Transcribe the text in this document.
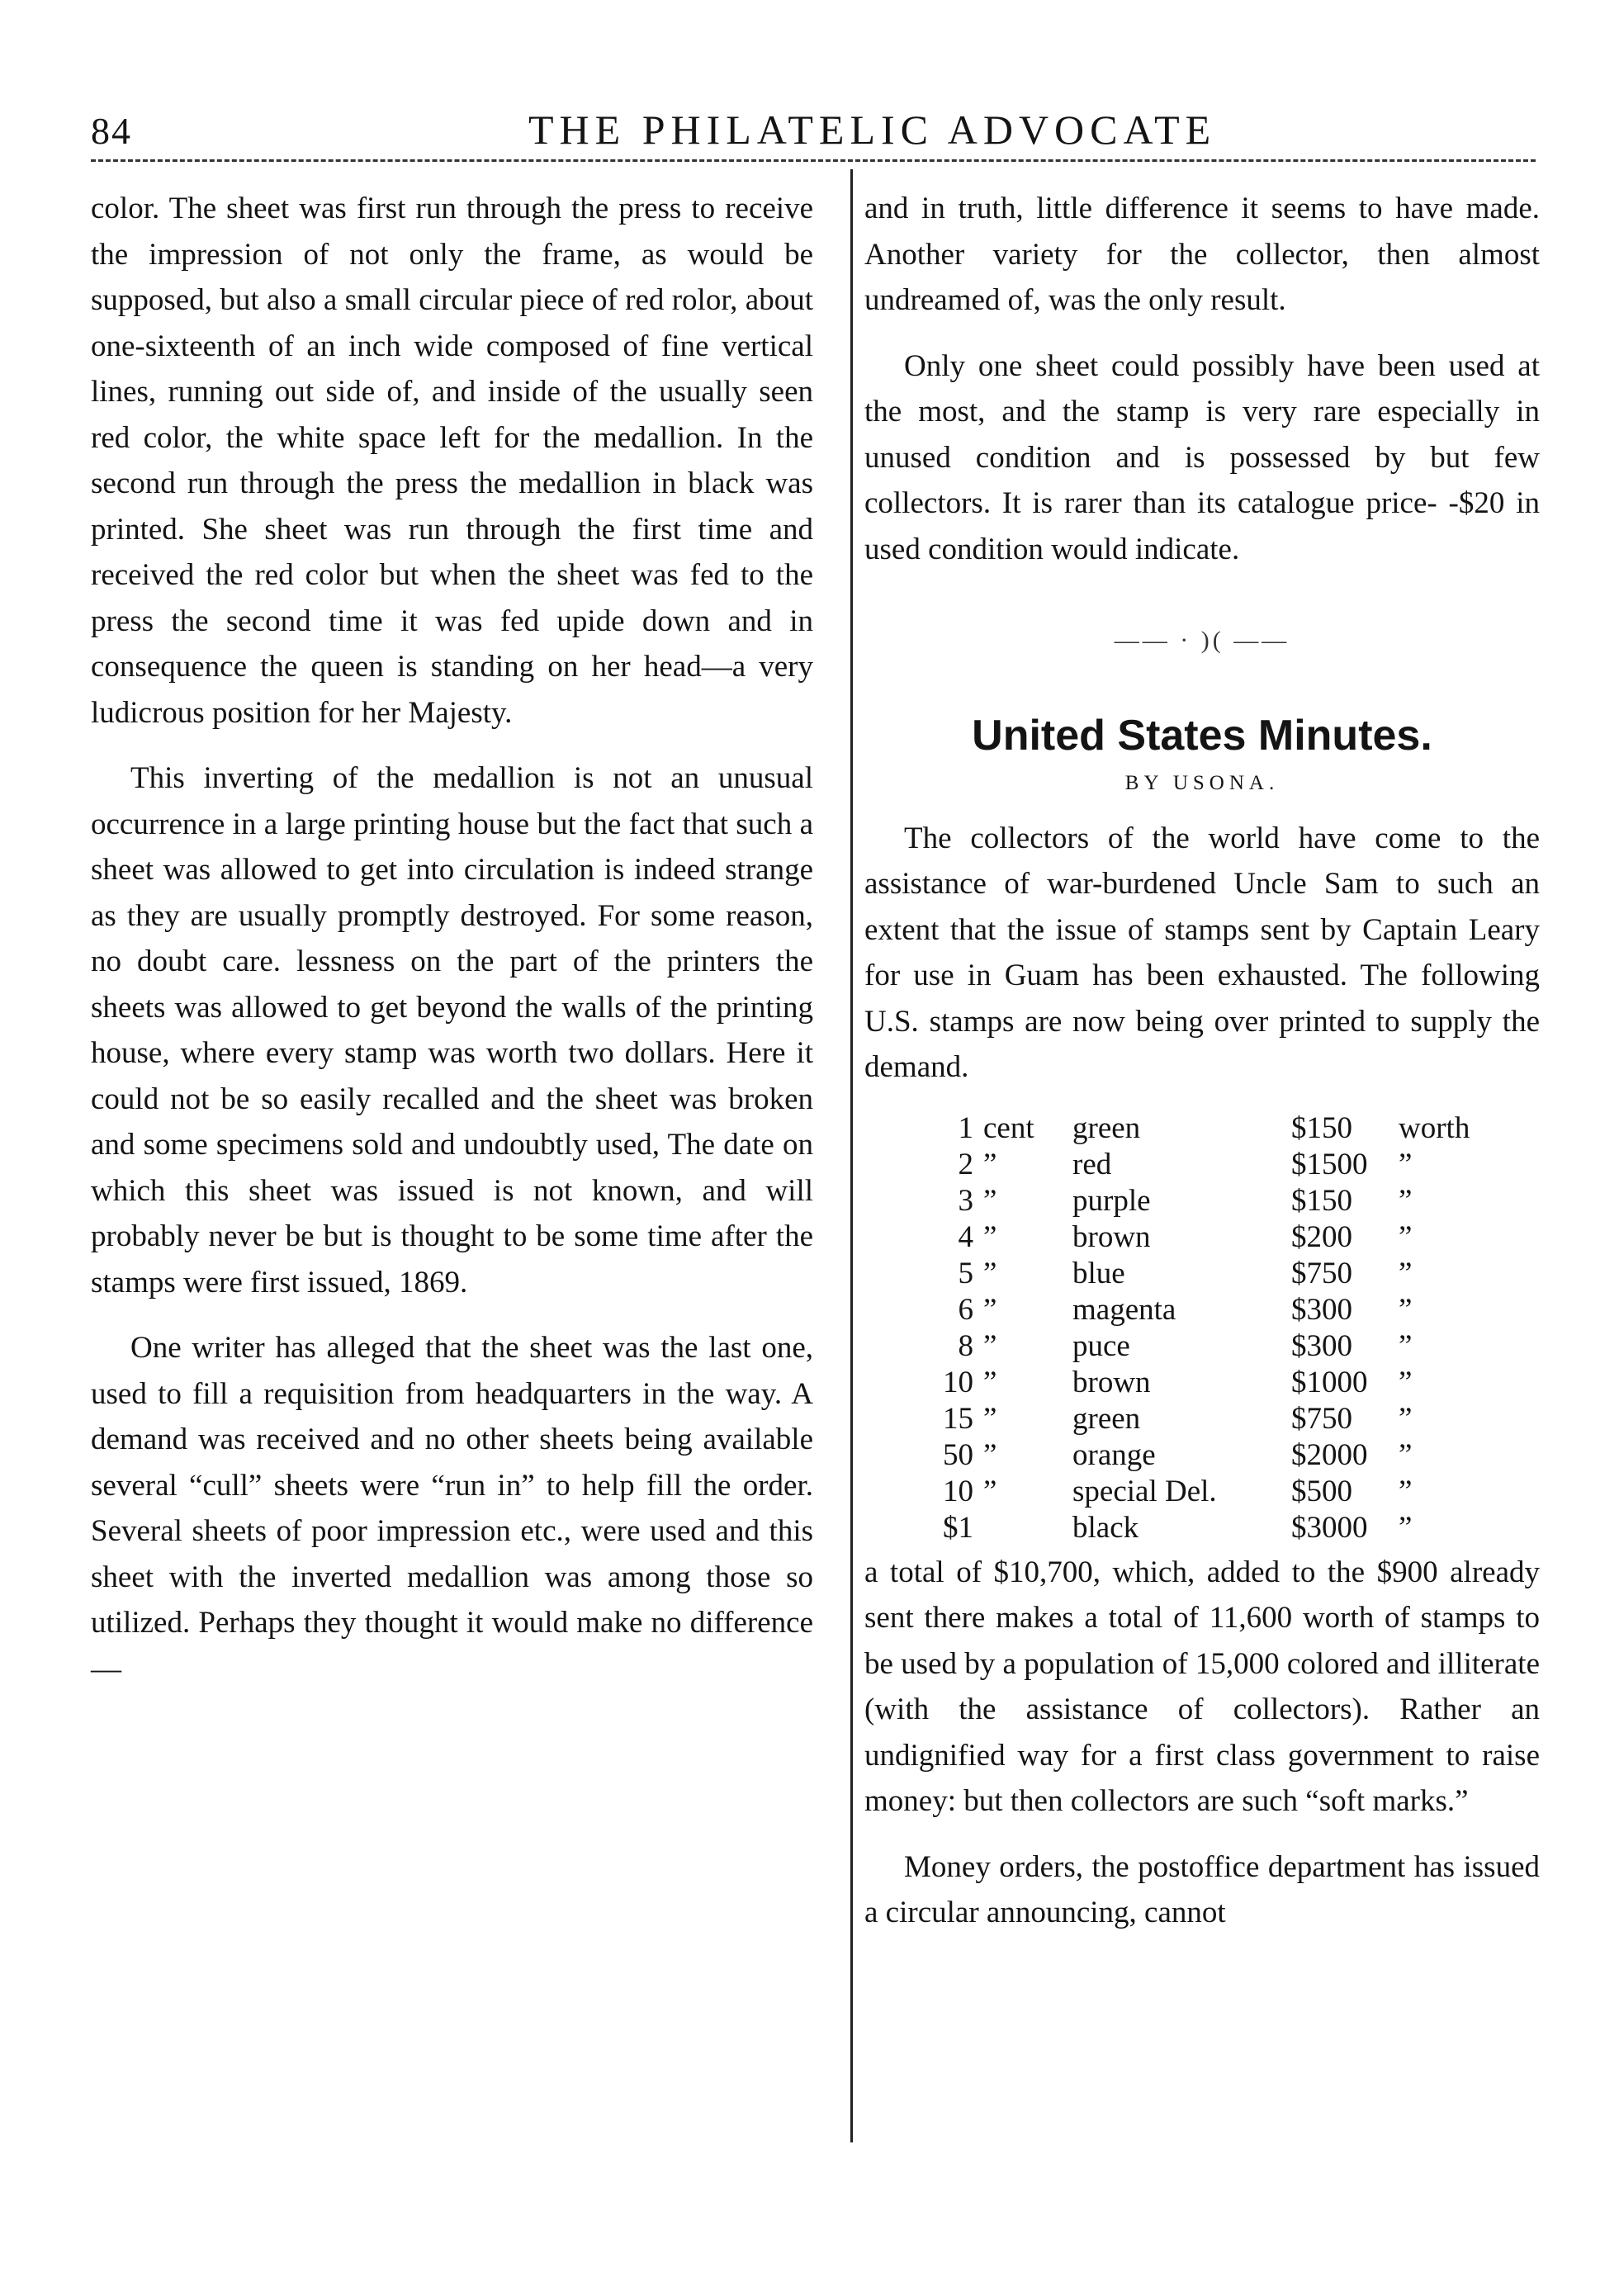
84	THE PHILATELIC ADVOCATE

color. The sheet was first run through the press to receive the impression of not only the frame, as would be supposed, but also a small circular piece of red rolor, about one-sixteenth of an inch wide composed of fine vertical lines, running out side of, and inside of the usually seen red color, the white space left for the medallion. In the second run through the press the medallion in black was printed. She sheet was run through the first time and received the red color but when the sheet was fed to the press the second time it was fed upide down and in consequence the queen is standing on her head—a very ludicrous position for her Majesty.

This inverting of the medallion is not an unusual occurrence in a large printing house but the fact that such a sheet was allowed to get into circulation is indeed strange as they are usually promptly destroyed. For some reason, no doubt care. lessness on the part of the printers the sheets was allowed to get beyond the walls of the printing house, where every stamp was worth two dollars. Here it could not be so easily recalled and the sheet was broken and some specimens sold and undoubtly used, The date on which this sheet was issued is not known, and will probably never be but is thought to be some time after the stamps were first issued, 1869.

One writer has alleged that the sheet was the last one, used to fill a requisition from headquarters in the way. A demand was received and no other sheets being available several “cull” sheets were “run in” to help fill the order. Several sheets of poor impression etc., were used and this sheet with the inverted medallion was among those so utilized. Perhaps they thought it would make no difference—

and in truth, little difference it seems to have made. Another variety for the collector, then almost undreamed of, was the only result.

Only one sheet could possibly have been used at the most, and the stamp is very rare especially in unused condition and is possessed by but few collectors. It is rarer than its catalogue price- -$20 in used condition would indicate.

—— · )( ——
United States Minutes.
BY USONA.

The collectors of the world have come to the assistance of war-burdened Uncle Sam to such an extent that the issue of stamps sent by Captain Leary for use in Guam has been exhausted. The following U.S. stamps are now being over printed to supply the demand.

1	cent	green	$150	worth
2	”	red	$1500	”
3	”	purple	$150	”
4	”	brown	$200	”
5	”	blue	$750	”
6	”	magenta	$300	”
8	”	puce	$300	”
10	”	brown	$1000	”
15	”	green	$750	”
50	”	orange	$2000	”
10	”	special Del.	$500	”
$1		black	$3000	”

a total of $10,700, which, added to the $900 already sent there makes a total of 11,600 worth of stamps to be used by a population of 15,000 colored and illiterate (with the assistance of collectors). Rather an undignified way for a first class government to raise money: but then collectors are such “soft marks.”

Money orders, the postoffice department has issued a circular announcing, cannot
